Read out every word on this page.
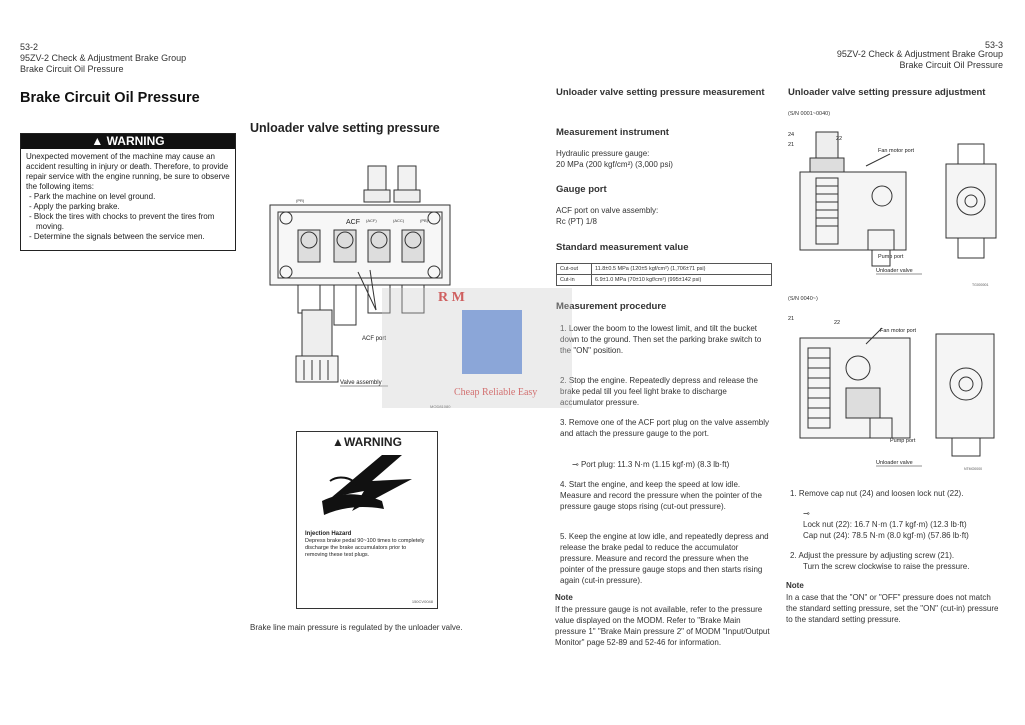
53-2
95ZV-2 Check & Adjustment Brake Group
Brake Circuit Oil Pressure
Brake Circuit Oil Pressure
▲ WARNING
Unexpected movement of the machine may cause an accident resulting in injury or death. Therefore, to provide repair service with the engine running, be sure to observe the following items:
- Park the machine on level ground.
- Apply the parking brake.
- Block the tires with chocks to prevent the tires from moving.
- Determine the signals between the service men.
Unloader valve setting pressure
ACF
ACF port
Valve assembly
MOD81080
(PR)
(ACF)	(ACC)	(PB)
▲WARNING
Injection Hazard
Depress brake pedal 90~100 times to completely discharge the brake accumulators prior to removing these test plugs.
150CV0048
Brake line main pressure is regulated by the unloader valve.
53-3
95ZV-2 Check & Adjustment Brake Group
Brake Circuit Oil Pressure
Unloader valve setting pressure measurement
Measurement instrument
Hydraulic pressure gauge:
20 MPa (200 kgf/cm²) (3,000 psi)
Gauge port
ACF port on valve assembly:
Rc (PT) 1/8
Standard measurement value
Cut-out	11.8±0.5 MPa (120±5 kgf/cm²) (1,706±71 psi)
Cut-in	6.9±1.0 MPa (70±10 kgf/cm²) (995±142 psi)
Measurement procedure
1. Lower the boom to the lowest limit, and tilt the bucket down to the ground. Then set the parking brake switch to the "ON" position.
2. Stop the engine. Repeatedly depress and release the brake pedal till you feel light brake to discharge accumulator pressure.
3. Remove one of the ACF port plug on the valve assembly and attach the pressure gauge to the port.
⊸ Port plug: 11.3 N·m (1.15 kgf·m) (8.3 lb·ft)
4. Start the engine, and keep the speed at low idle. Measure and record the pressure when the pointer of the pressure gauge stops rising (cut-out pressure).
5. Keep the engine at low idle, and repeatedly depress and release the brake pedal to reduce the accumulator pressure. Measure and record the pressure when the pointer of the pressure gauge stops and then starts rising again (cut-in pressure).
Note
If the pressure gauge is not available, refer to the pressure value displayed on the MODM. Refer to "Brake Main pressure 1" "Brake Main pressure 2" of MODM "Input/Output Monitor" page 52-89 and 52-46 for information.
Unloader valve setting pressure adjustment
(S/N 0001~0040)
24
22
21
Fan motor port
Pump port
Unloader valve
TG000001
(S/N 0040~)
21
22
Fan motor port
Pump port
Unloader valve
NTMO0000
1. Remove cap nut (24) and loosen lock nut (22).
⊸
Lock nut (22): 16.7 N·m (1.7 kgf·m) (12.3 lb·ft)
Cap nut (24): 78.5 N·m (8.0 kgf·m) (57.86 lb·ft)
2. Adjust the pressure by adjusting screw (21).
Turn the screw clockwise to raise the pressure.
Note
In a case that the "ON" or "OFF" pressure does not match the standard setting pressure, set the "ON" (cut-in) pressure to the standard setting pressure.
R M
Cheap Reliable Easy
